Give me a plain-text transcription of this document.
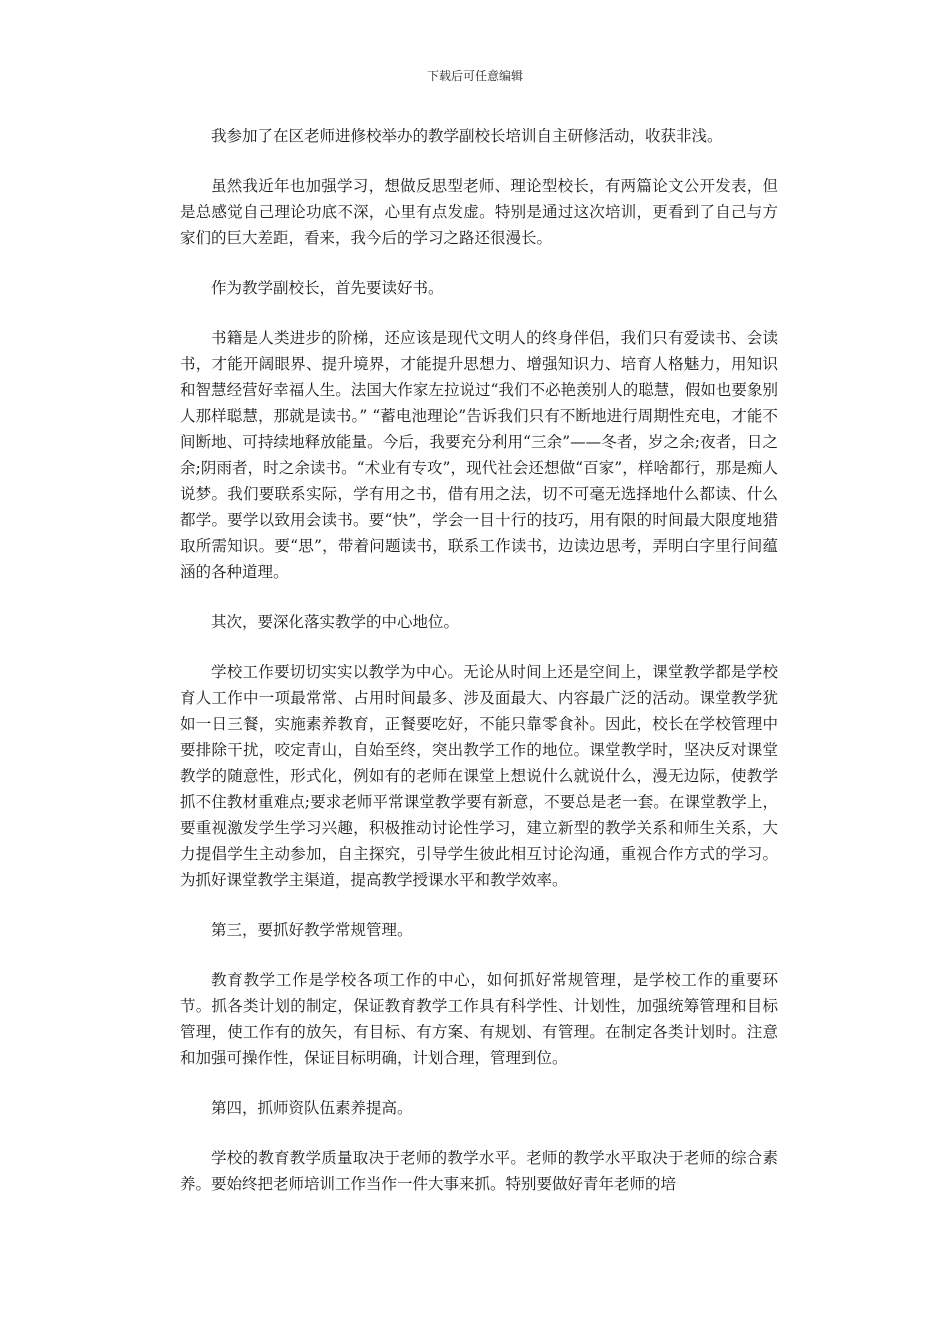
下载后可任意编辑

我参加了在区老师进修校举办的教学副校长培训自主研修活动，收获非浅。

虽然我近年也加强学习，想做反思型老师、理论型校长，有两篇论文公开发表，但是总感觉自己理论功底不深，心里有点发虚。特别是通过这次培训，更看到了自己与方家们的巨大差距，看来，我今后的学习之路还很漫长。

作为教学副校长，首先要读好书。

书籍是人类进步的阶梯，还应该是现代文明人的终身伴侣，我们只有爱读书、会读书，才能开阔眼界、提升境界，才能提升思想力、增强知识力、培育人格魅力，用知识和智慧经营好幸福人生。法国大作家左拉说过“我们不必艳羡别人的聪慧，假如也要象别人那样聪慧，那就是读书。” “蓄电池理论”告诉我们只有不断地进行周期性充电，才能不间断地、可持续地释放能量。今后，我要充分利用“三余”——冬者，岁之余;夜者，日之余;阴雨者，时之余读书。“术业有专攻”，现代社会还想做“百家”，样啥都行，那是痴人说梦。我们要联系实际，学有用之书，借有用之法，切不可毫无选择地什么都读、什么都学。要学以致用会读书。要“快”，学会一目十行的技巧，用有限的时间最大限度地猎取所需知识。要“思”，带着问题读书，联系工作读书，边读边思考，弄明白字里行间蕴涵的各种道理。

其次，要深化落实教学的中心地位。

学校工作要切切实实以教学为中心。无论从时间上还是空间上，课堂教学都是学校育人工作中一项最常常、占用时间最多、涉及面最大、内容最广泛的活动。课堂教学犹如一日三餐，实施素养教育，正餐要吃好，不能只靠零食补。因此，校长在学校管理中要排除干扰，咬定青山，自始至终，突出教学工作的地位。课堂教学时，坚决反对课堂教学的随意性，形式化，例如有的老师在课堂上想说什么就说什么，漫无边际，使教学抓不住教材重难点;要求老师平常课堂教学要有新意，不要总是老一套。在课堂教学上，要重视激发学生学习兴趣，积极推动讨论性学习，建立新型的教学关系和师生关系，大力提倡学生主动参加，自主探究，引导学生彼此相互讨论沟通，重视合作方式的学习。为抓好课堂教学主渠道，提高教学授课水平和教学效率。

第三，要抓好教学常规管理。

教育教学工作是学校各项工作的中心，如何抓好常规管理，是学校工作的重要环节。抓各类计划的制定，保证教育教学工作具有科学性、计划性，加强统筹管理和目标管理，使工作有的放矢，有目标、有方案、有规划、有管理。在制定各类计划时。注意和加强可操作性，保证目标明确，计划合理，管理到位。

第四，抓师资队伍素养提高。

学校的教育教学质量取决于老师的教学水平。老师的教学水平取决于老师的综合素养。要始终把老师培训工作当作一件大事来抓。特别要做好青年老师的培
